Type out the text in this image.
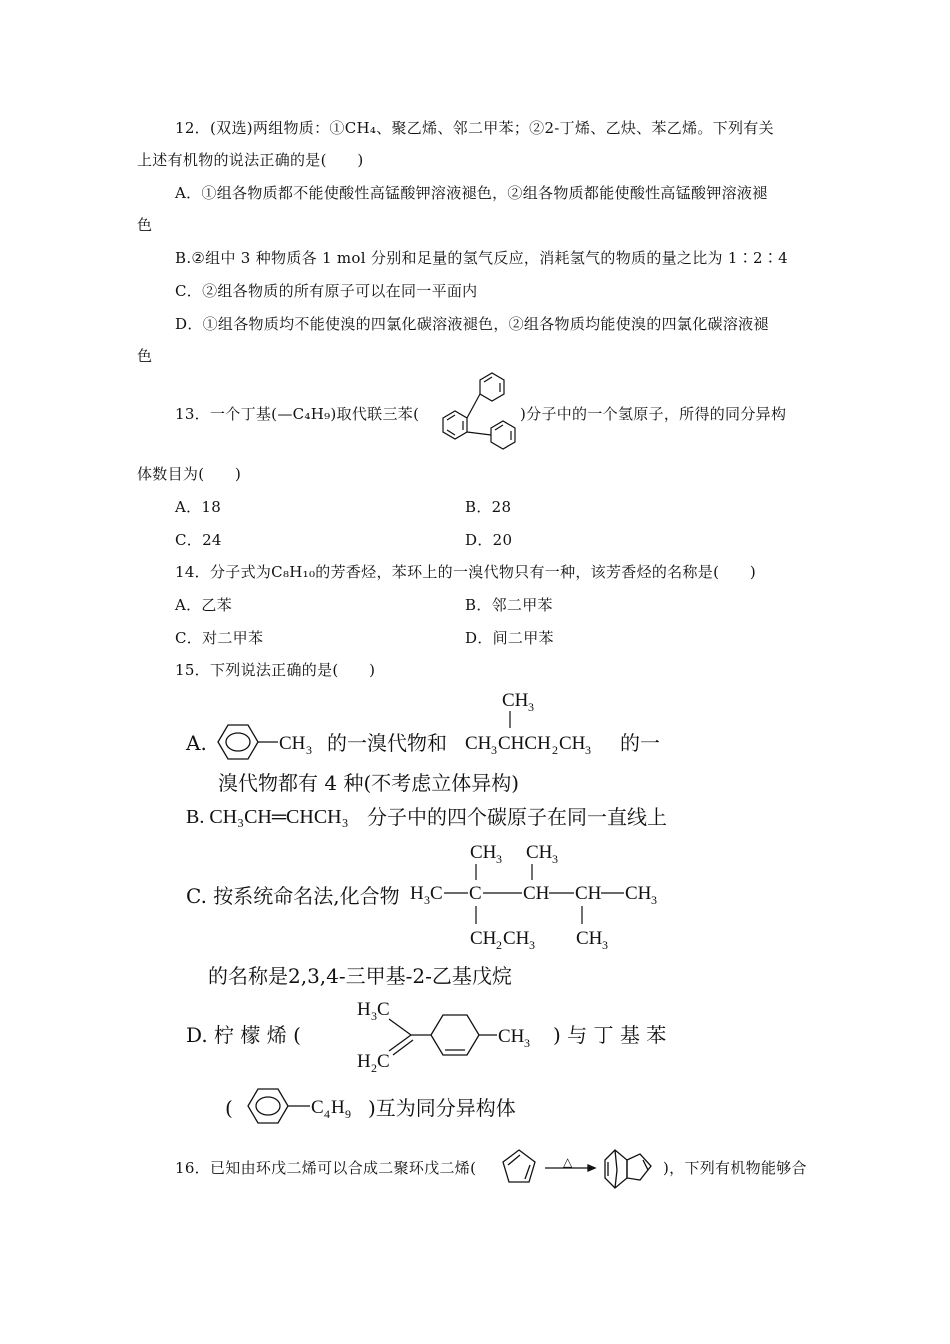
12．(双选)两组物质：①CH₄、聚乙烯、邻二甲苯；②2-丁烯、乙炔、苯乙烯。下列有关
上述有机物的说法正确的是(　　)
A．①组各物质都不能使酸性高锰酸钾溶液褪色，②组各物质都能使酸性高锰酸钾溶液褪
色
B.②组中 3 种物质各 1 mol 分别和足量的氢气反应，消耗氢气的物质的量之比为 1∶2∶4
C．②组各物质的所有原子可以在同一平面内
D．①组各物质均不能使溴的四氯化碳溶液褪色，②组各物质均能使溴的四氯化碳溶液褪
色
13．一个丁基(—C₄H₉)取代联三苯(	)分子中的一个氢原子，所得的同分异构
体数目为(　　)
A．18	B．28
C．24	D．20
14．分子式为C₈H₁₀的芳香烃，苯环上的一溴代物只有一种，该芳香烃的名称是(　　)
A．乙苯	B．邻二甲苯
C．对二甲苯	D．间二甲苯
15．下列说法正确的是(　　)
A.	CH 3 的一溴代物和
CH 3
CH 3 CHCH 2 CH 3 的一
溴代物都有 4 种(不考虑立体异构)
B. CH₃CH═CHCH₃ 分子中的四个碳原子在同一直线上
C. 按系统命名法,化合物
CH 3 CH 3
H 3 C C CH CH CH 3
CH 2 CH 3 CH 3
的名称是2,3,4-三甲基-2-乙基戊烷
D. 柠 檬 烯 (
H 3 C
H 2 C
CH 3 ) 与 丁 基 苯
(	C 4 H 9 )互为同分异构体
16．已知由环戊二烯可以合成二聚环戊二烯(	△	)，下列有机物能够合
